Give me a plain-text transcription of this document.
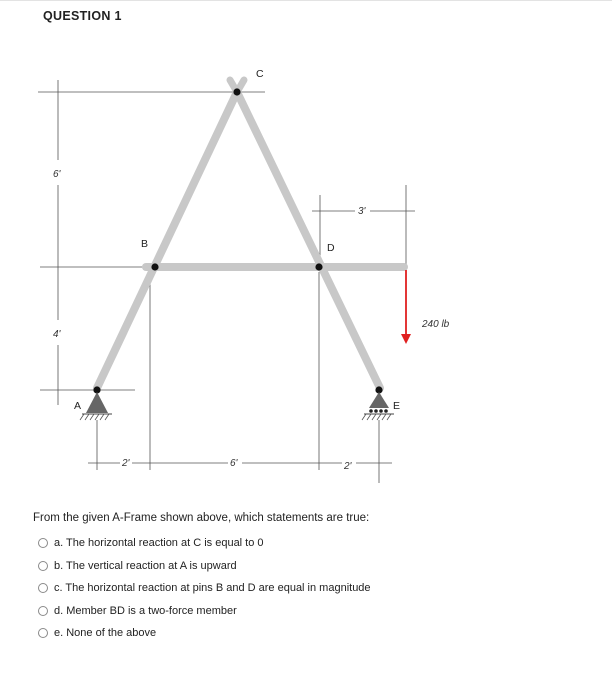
QUESTION 1
C
B	D
A	E
6'
4'
3'
2'	6'	2'
240 lb
From the given A-Frame shown above, which statements are true:
a. The horizontal reaction at C is equal to 0
b. The vertical reaction at A is upward
c. The horizontal reaction at pins B and D are equal in magnitude
d. Member BD is a two-force member
e. None of the above
